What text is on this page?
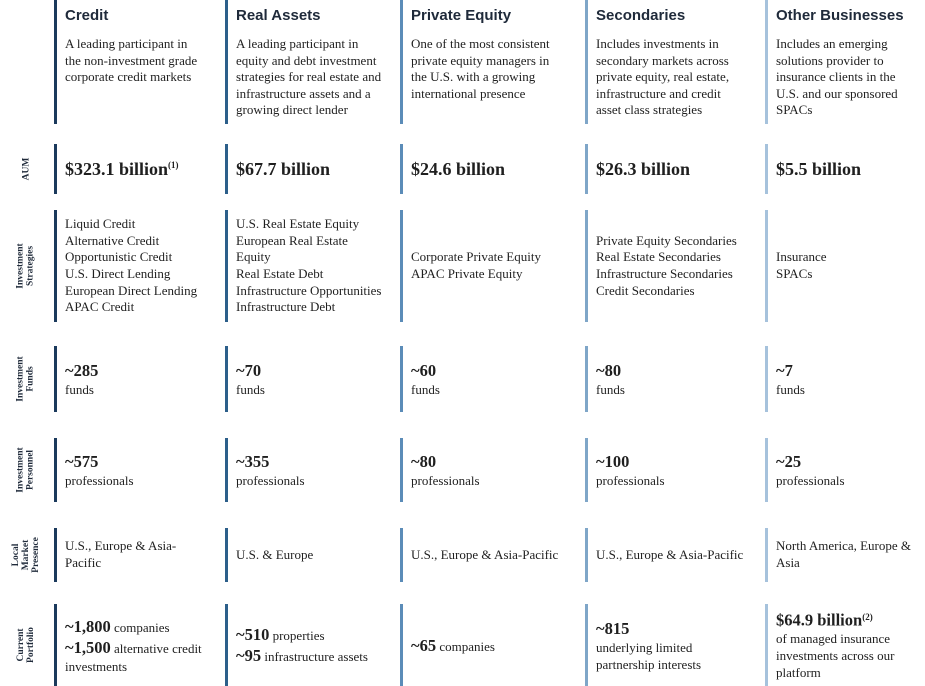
AUM
Investment Strategies
Investment Funds
Investment Personnel
Local Market Presence
Current Portfolio
Credit
A leading participant in
the non-investment grade
corporate credit markets
$323.1 billion$^{(1)}$
Liquid Credit
Alternative Credit
Opportunistic Credit
U.S. Direct Lending
European Direct Lending
APAC Credit
~285
funds
~575
professionals
U.S., Europe & Asia-
Pacific
~1,800 companies
~1,500 alternative credit
investments
Real Assets
A leading participant in
equity and debt investment
strategies for real estate and
infrastructure assets and a
growing direct lender
$67.7 billion
U.S. Real Estate Equity
European Real Estate
Equity
Real Estate Debt
Infrastructure Opportunities
Infrastructure Debt
~70
funds
~355
professionals
U.S. & Europe
~510 properties
~95 infrastructure assets
Private Equity
One of the most consistent
private equity managers in
the U.S. with a growing
international presence
$24.6 billion
Corporate Private Equity
APAC Private Equity
~60
funds
~80
professionals
U.S., Europe & Asia-Pacific
~65 companies
Secondaries
Includes investments in
secondary markets across
private equity, real estate,
infrastructure and credit
asset class strategies
$26.3 billion
Private Equity Secondaries
Real Estate Secondaries
Infrastructure Secondaries
Credit Secondaries
~80
funds
~100
professionals
U.S., Europe & Asia-Pacific
~815
underlying limited
partnership interests
Other Businesses
Includes an emerging
solutions provider to
insurance clients in the
U.S. and our sponsored
SPACs
$5.5 billion
Insurance
SPACs
~7
funds
~25
professionals
North America, Europe &
Asia
$64.9 billion$^{(2)}$
of managed insurance
investments across our
platform
